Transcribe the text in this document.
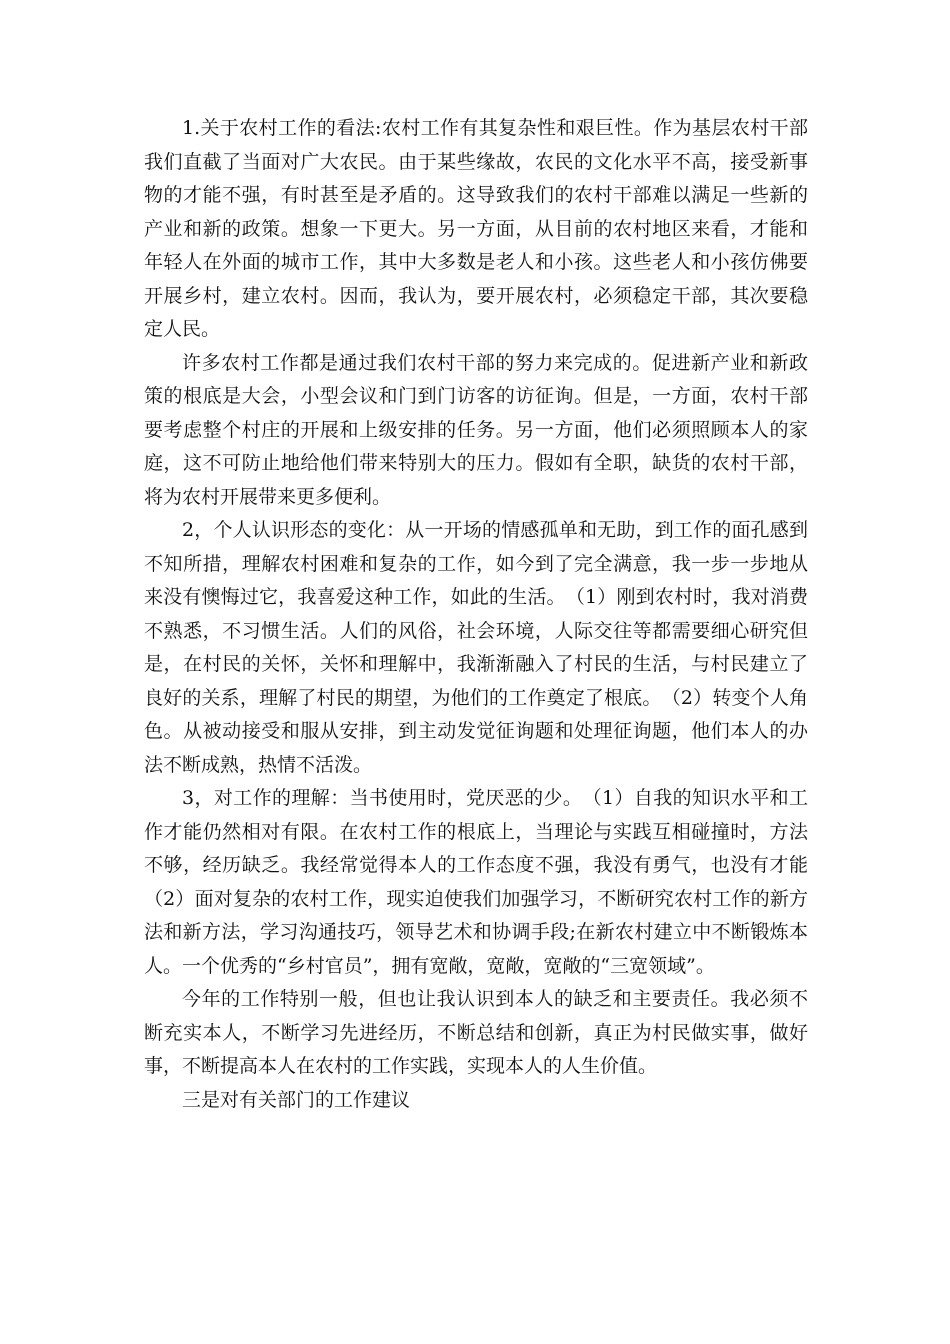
1.关于农村工作的看法:农村工作有其复杂性和艰巨性。作为基层农村干部我们直截了当面对广大农民。由于某些缘故，农民的文化水平不高，接受新事物的才能不强，有时甚至是矛盾的。这导致我们的农村干部难以满足一些新的产业和新的政策。想象一下更大。另一方面，从目前的农村地区来看，才能和年轻人在外面的城市工作，其中大多数是老人和小孩。这些老人和小孩仿佛要开展乡村，建立农村。因而，我认为，要开展农村，必须稳定干部，其次要稳定人民。

许多农村工作都是通过我们农村干部的努力来完成的。促进新产业和新政策的根底是大会，小型会议和门到门访客的访征询。但是，一方面，农村干部要考虑整个村庄的开展和上级安排的任务。另一方面，他们必须照顾本人的家庭，这不可防止地给他们带来特别大的压力。假如有全职，缺货的农村干部，将为农村开展带来更多便利。

2，个人认识形态的变化：从一开场的情感孤单和无助，到工作的面孔感到不知所措，理解农村困难和复杂的工作，如今到了完全满意，我一步一步地从来没有懊悔过它，我喜爱这种工作，如此的生活。　（1）刚到农村时，我对消费不熟悉，不习惯生活。人们的风俗，社会环境，人际交往等都需要细心研究但是，在村民的关怀，关怀和理解中，我渐渐融入了村民的生活，与村民建立了良好的关系，理解了村民的期望，为他们的工作奠定了根底。　（2）转变个人角色。从被动接受和服从安排，到主动发觉征询题和处理征询题，他们本人的办法不断成熟，热情不活泼。

3，对工作的理解：当书使用时，党厌恶的少。　（1）自我的知识水平和工作才能仍然相对有限。在农村工作的根底上，当理论与实践互相碰撞时，方法不够，经历缺乏。我经常觉得本人的工作态度不强，我没有勇气，也没有才能（2）面对复杂的农村工作，现实迫使我们加强学习，不断研究农村工作的新方法和新方法，学习沟通技巧，领导艺术和协调手段;在新农村建立中不断锻炼本人。一个优秀的“乡村官员”，拥有宽敞，宽敞，宽敞的“三宽领域”。

今年的工作特别一般，但也让我认识到本人的缺乏和主要责任。我必须不断充实本人，不断学习先进经历，不断总结和创新，真正为村民做实事，做好事，不断提高本人在农村的工作实践，实现本人的人生价值。

三是对有关部门的工作建议
